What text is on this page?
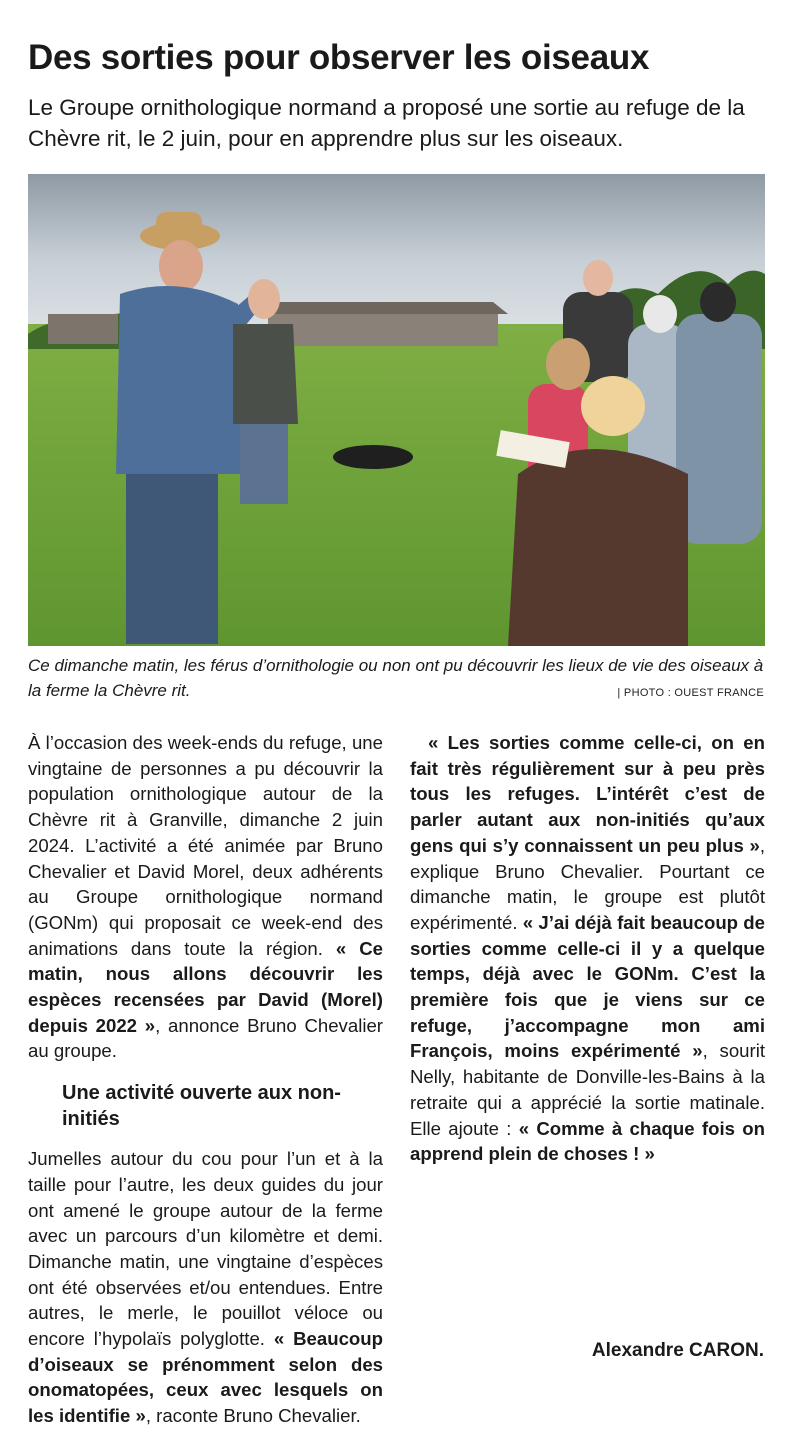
Des sorties pour observer les oiseaux

Le Groupe ornithologique normand a proposé une sortie au refuge de la Chèvre rit, le 2 juin, pour en apprendre plus sur les oiseaux.

Ce dimanche matin, les férus d’ornithologie ou non ont pu découvrir les lieux de vie des oiseaux à la ferme la Chèvre rit.	| PHOTO : OUEST FRANCE

À l’occasion des week-ends du refuge, une vingtaine de personnes a pu découvrir la population ornithologique autour de la Chèvre rit à Granville, dimanche 2 juin 2024. L’activité a été animée par Bruno Chevalier et David Morel, deux adhérents au Groupe ornithologique normand (GONm) qui proposait ce week-end des animations dans toute la région. « Ce matin, nous allons découvrir les espèces recensées par David (Morel) depuis 2022 », annonce Bruno Chevalier au groupe.

Une activité ouverte aux non-initiés

Jumelles autour du cou pour l’un et à la taille pour l’autre, les deux guides du jour ont amené le groupe autour de la ferme avec un parcours d’un kilomètre et demi. Dimanche matin, une vingtaine d’espèces ont été observées et/ou entendues. Entre autres, le merle, le pouillot véloce ou encore l’hypolaïs polyglotte. « Beaucoup d’oiseaux se prénomment selon des onomatopées, ceux avec lesquels on les identifie », raconte Bruno Chevalier.

« Les sorties comme celle-ci, on en fait très régulièrement sur à peu près tous les refuges. L’intérêt c’est de parler autant aux non-initiés qu’aux gens qui s’y connaissent un peu plus », explique Bruno Chevalier. Pourtant ce dimanche matin, le groupe est plutôt expérimenté. « J’ai déjà fait beaucoup de sorties comme celle-ci il y a quelque temps, déjà avec le GONm. C’est la première fois que je viens sur ce refuge, j’accompagne mon ami François, moins expérimenté », sourit Nelly, habitante de Donville-les-Bains à la retraite qui a apprécié la sortie matinale. Elle ajoute : « Comme à chaque fois on apprend plein de choses ! »

Alexandre CARON.
